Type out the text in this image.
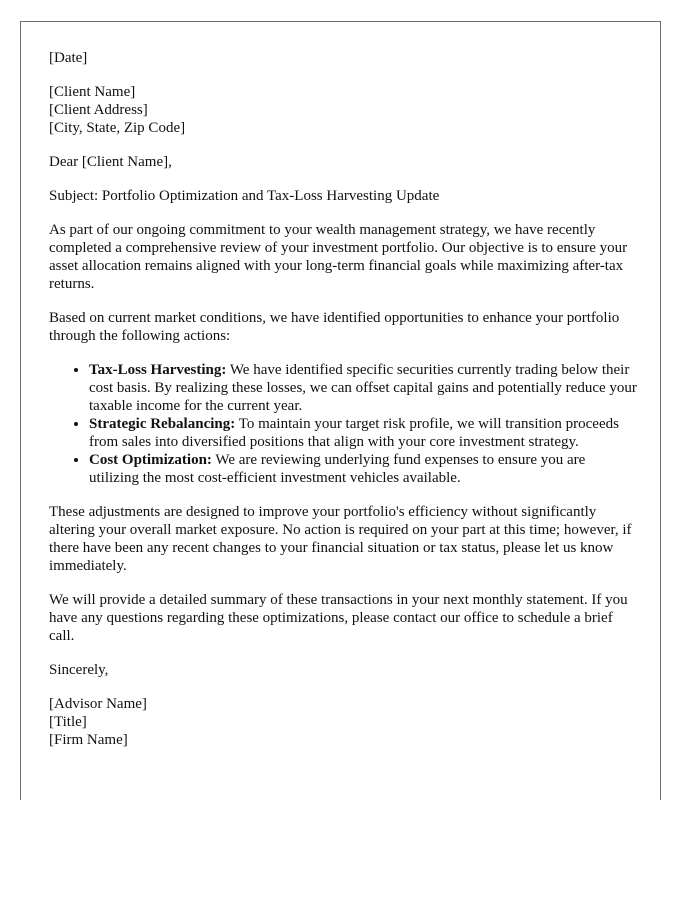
[Date]

[Client Name]
[Client Address]
[City, State, Zip Code]

Dear [Client Name],

Subject: Portfolio Optimization and Tax-Loss Harvesting Update

As part of our ongoing commitment to your wealth management strategy, we have recently completed a comprehensive review of your investment portfolio. Our objective is to ensure your asset allocation remains aligned with your long-term financial goals while maximizing after-tax returns.

Based on current market conditions, we have identified opportunities to enhance your portfolio through the following actions:

• Tax-Loss Harvesting: We have identified specific securities currently trading below their cost basis. By realizing these losses, we can offset capital gains and potentially reduce your taxable income for the current year.
• Strategic Rebalancing: To maintain your target risk profile, we will transition proceeds from sales into diversified positions that align with your core investment strategy.
• Cost Optimization: We are reviewing underlying fund expenses to ensure you are utilizing the most cost-efficient investment vehicles available.

These adjustments are designed to improve your portfolio's efficiency without significantly altering your overall market exposure. No action is required on your part at this time; however, if there have been any recent changes to your financial situation or tax status, please let us know immediately.

We will provide a detailed summary of these transactions in your next monthly statement. If you have any questions regarding these optimizations, please contact our office to schedule a brief call.

Sincerely,

[Advisor Name]
[Title]
[Firm Name]
